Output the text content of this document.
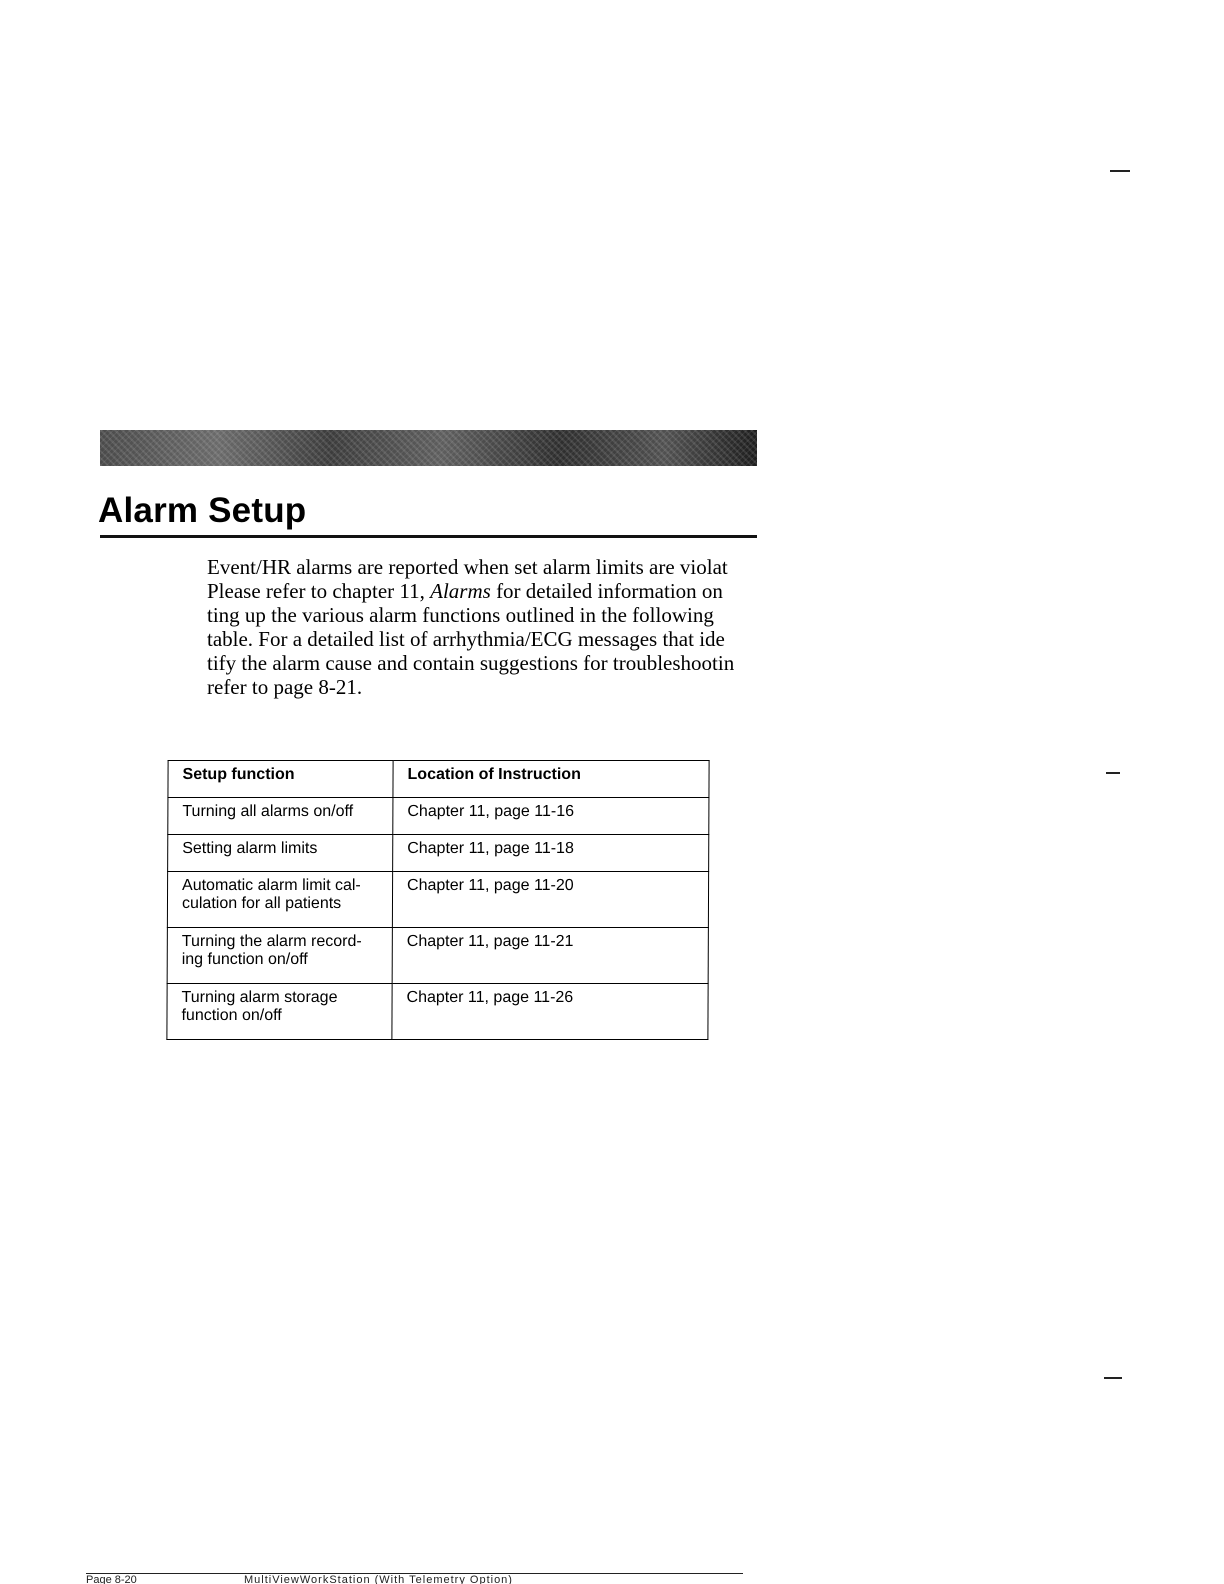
Alarm Setup
Event/HR alarms are reported when set alarm limits are violat
Please refer to chapter 11, Alarms for detailed information on
ting up the various alarm functions outlined in the following
table. For a detailed list of arrhythmia/ECG messages that ide
tify the alarm cause and contain suggestions for troubleshootin
refer to page 8-21.
Setup function	Location of Instruction
Turning all alarms on/off	Chapter 11, page 11-16
Setting alarm limits	Chapter 11, page 11-18
Automatic alarm limit cal-
culation for all patients	Chapter 11, page 11-20
Turning the alarm record-
ing function on/off	Chapter 11, page 11-21
Turning alarm storage
function on/off	Chapter 11, page 11-26
Page 8-20	MultiViewWorkStation (With Telemetry Option)
